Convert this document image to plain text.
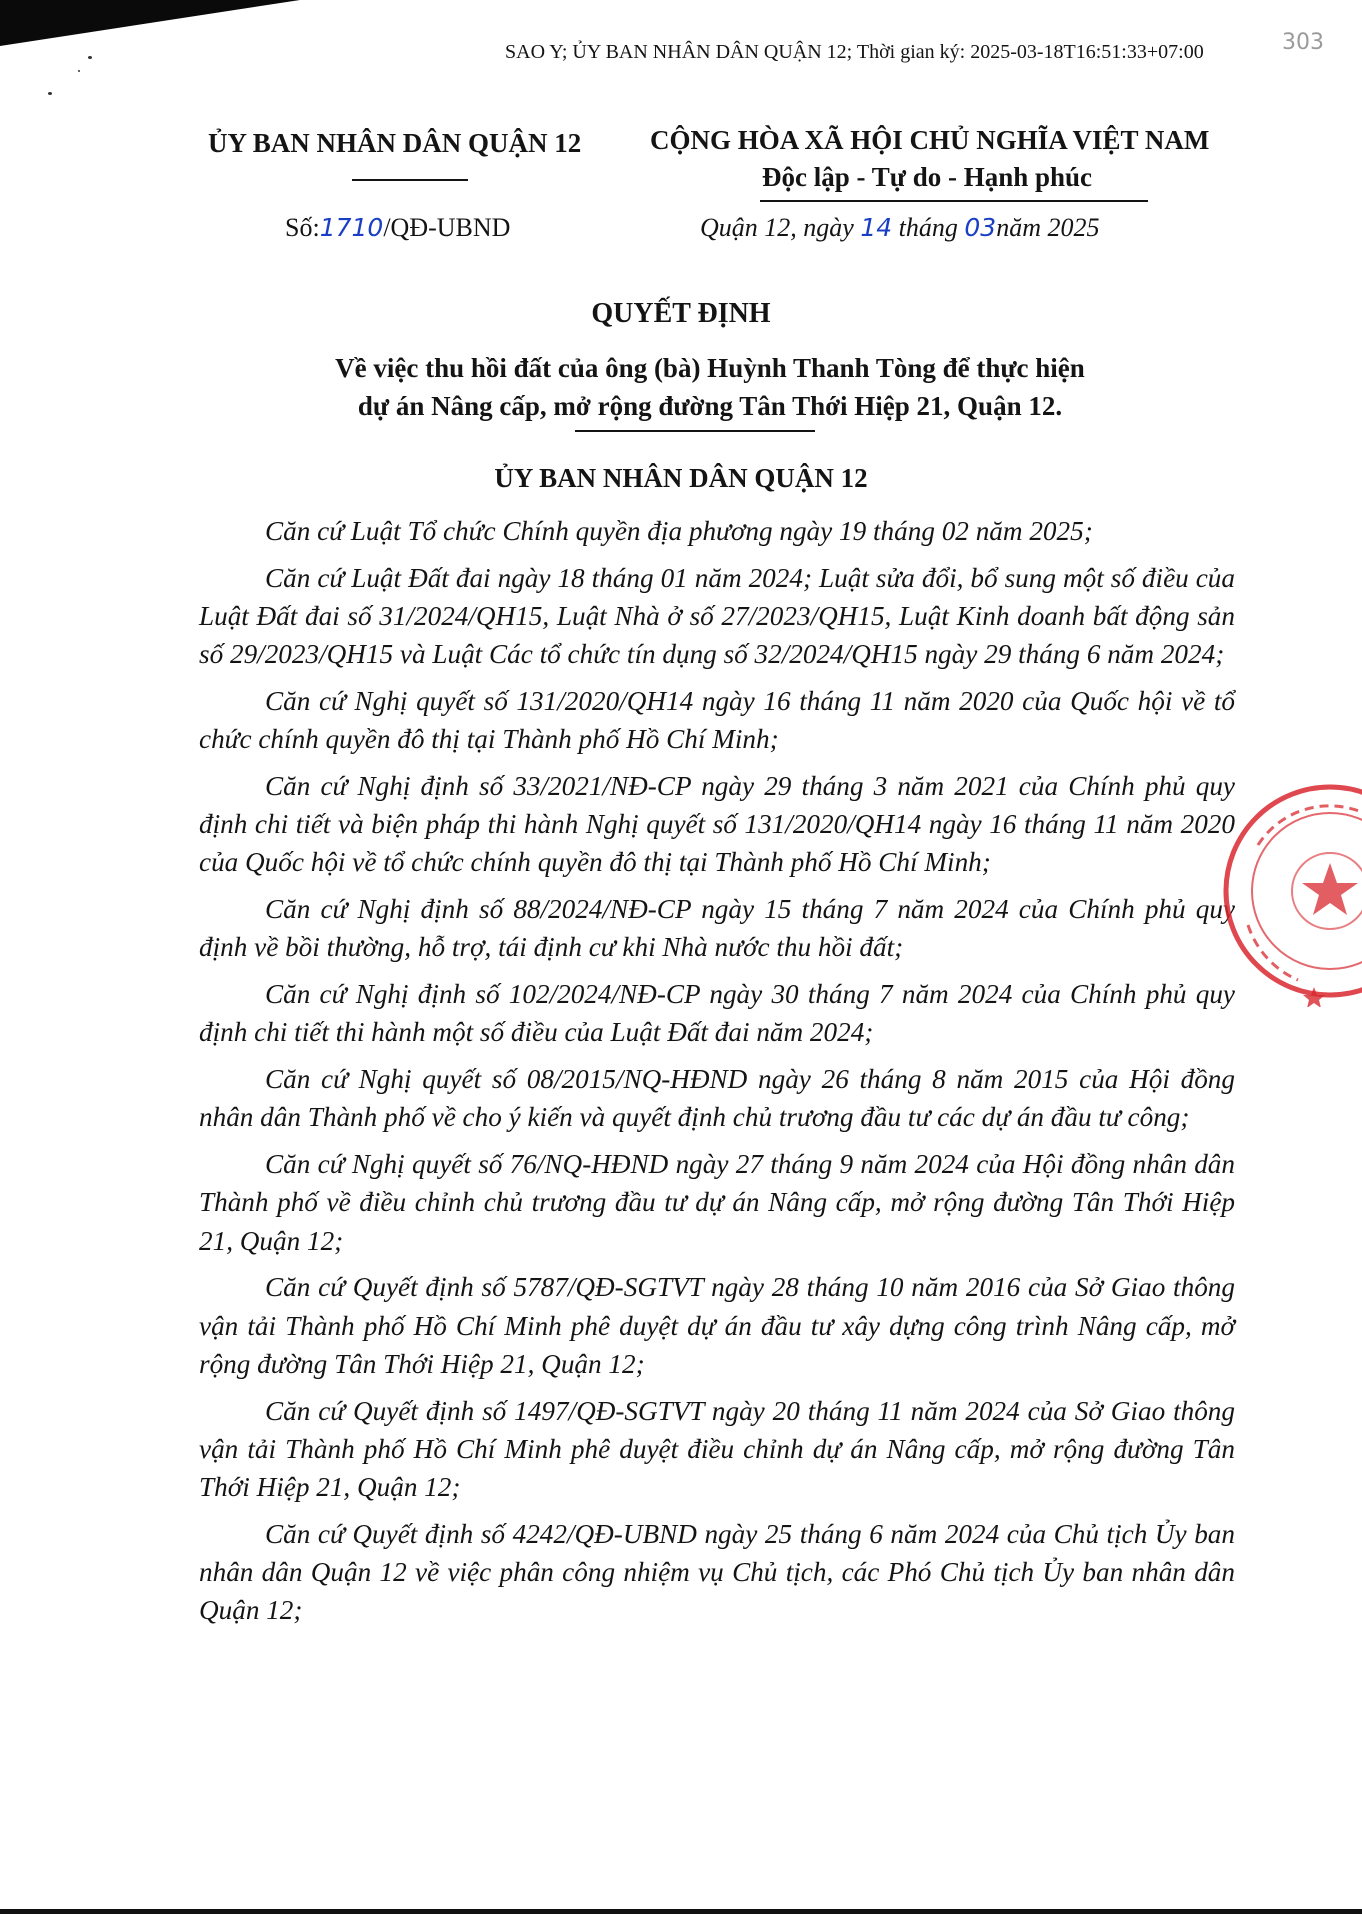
SAO Y; ỦY BAN NHÂN DÂN QUẬN 12; Thời gian ký: 2025-03-18T16:51:33+07:00	303
ỦY BAN NHÂN DÂN QUẬN 12	CỘNG HÒA XÃ HỘI CHỦ NGHĨA VIỆT NAM
Độc lập - Tự do - Hạnh phúc
Số:1710/QĐ-UBND	Quận 12, ngày 14 tháng 03năm 2025
QUYẾT ĐỊNH
Về việc thu hồi đất của ông (bà) Huỳnh Thanh Tòng để thực hiện
dự án Nâng cấp, mở rộng đường Tân Thới Hiệp 21, Quận 12.
ỦY BAN NHÂN DÂN QUẬN 12

Căn cứ Luật Tổ chức Chính quyền địa phương ngày 19 tháng 02 năm 2025;

Căn cứ Luật Đất đai ngày 18 tháng 01 năm 2024; Luật sửa đổi, bổ sung một số điều của Luật Đất đai số 31/2024/QH15, Luật Nhà ở số 27/2023/QH15, Luật Kinh doanh bất động sản số 29/2023/QH15 và Luật Các tổ chức tín dụng số 32/2024/QH15 ngày 29 tháng 6 năm 2024;

Căn cứ Nghị quyết số 131/2020/QH14 ngày 16 tháng 11 năm 2020 của Quốc hội về tổ chức chính quyền đô thị tại Thành phố Hồ Chí Minh;

Căn cứ Nghị định số 33/2021/NĐ-CP ngày 29 tháng 3 năm 2021 của Chính phủ quy định chi tiết và biện pháp thi hành Nghị quyết số 131/2020/QH14 ngày 16 tháng 11 năm 2020 của Quốc hội về tổ chức chính quyền đô thị tại Thành phố Hồ Chí Minh;

Căn cứ Nghị định số 88/2024/NĐ-CP ngày 15 tháng 7 năm 2024 của Chính phủ quy định về bồi thường, hỗ trợ, tái định cư khi Nhà nước thu hồi đất;

Căn cứ Nghị định số 102/2024/NĐ-CP ngày 30 tháng 7 năm 2024 của Chính phủ quy định chi tiết thi hành một số điều của Luật Đất đai năm 2024;

Căn cứ Nghị quyết số 08/2015/NQ-HĐND ngày 26 tháng 8 năm 2015 của Hội đồng nhân dân Thành phố về cho ý kiến và quyết định chủ trương đầu tư các dự án đầu tư công;

Căn cứ Nghị quyết số 76/NQ-HĐND ngày 27 tháng 9 năm 2024 của Hội đồng nhân dân Thành phố về điều chỉnh chủ trương đầu tư dự án Nâng cấp, mở rộng đường Tân Thới Hiệp 21, Quận 12;

Căn cứ Quyết định số 5787/QĐ-SGTVT ngày 28 tháng 10 năm 2016 của Sở Giao thông vận tải Thành phố Hồ Chí Minh phê duyệt dự án đầu tư xây dựng công trình Nâng cấp, mở rộng đường Tân Thới Hiệp 21, Quận 12;

Căn cứ Quyết định số 1497/QĐ-SGTVT ngày 20 tháng 11 năm 2024 của Sở Giao thông vận tải Thành phố Hồ Chí Minh phê duyệt điều chỉnh dự án Nâng cấp, mở rộng đường Tân Thới Hiệp 21, Quận 12;

Căn cứ Quyết định số 4242/QĐ-UBND ngày 25 tháng 6 năm 2024 của Chủ tịch Ủy ban nhân dân Quận 12 về việc phân công nhiệm vụ Chủ tịch, các Phó Chủ tịch Ủy ban nhân dân Quận 12;
